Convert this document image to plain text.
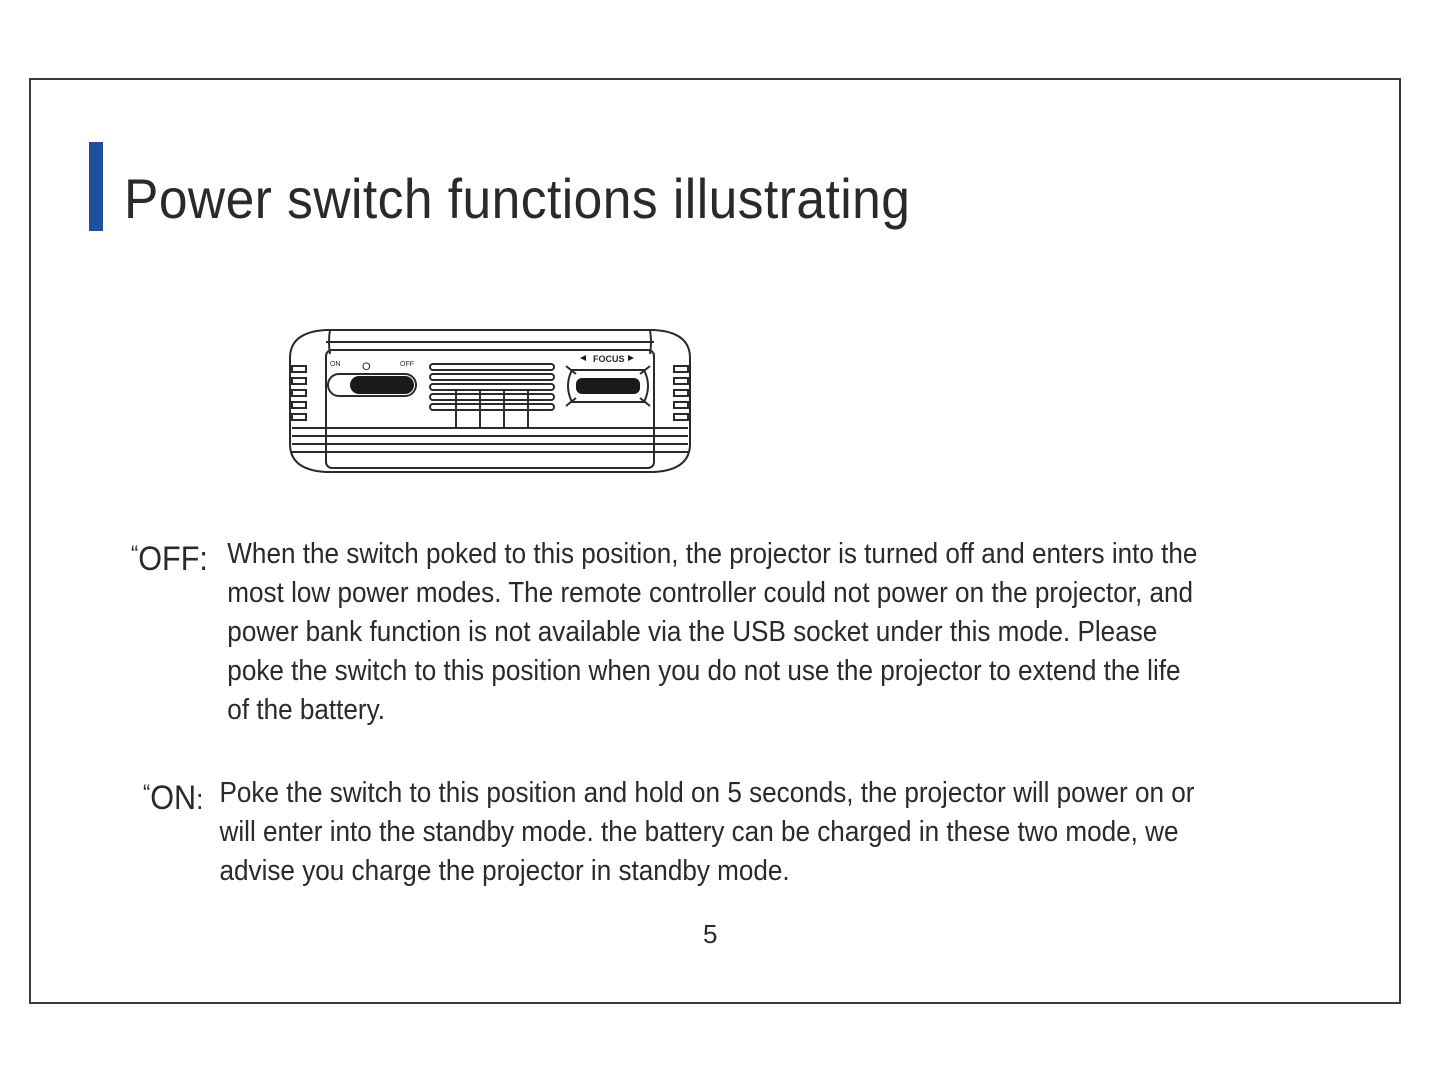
Power switch functions illustrating
ON O	OFF
FOCUS
“OFF: When the switch poked to this position, the projector is turned off and enters into the
most low power modes. The remote controller could not power on the projector, and
power bank function is not available via the USB socket under this mode. Please
poke the switch to this position when you do not use the projector to extend the life
of the battery.

“ON: Poke the switch to this position and hold on 5 seconds, the projector will power on or
will enter into the standby mode. the battery can be charged in these two mode, we
advise you charge the projector in standby mode.

5
